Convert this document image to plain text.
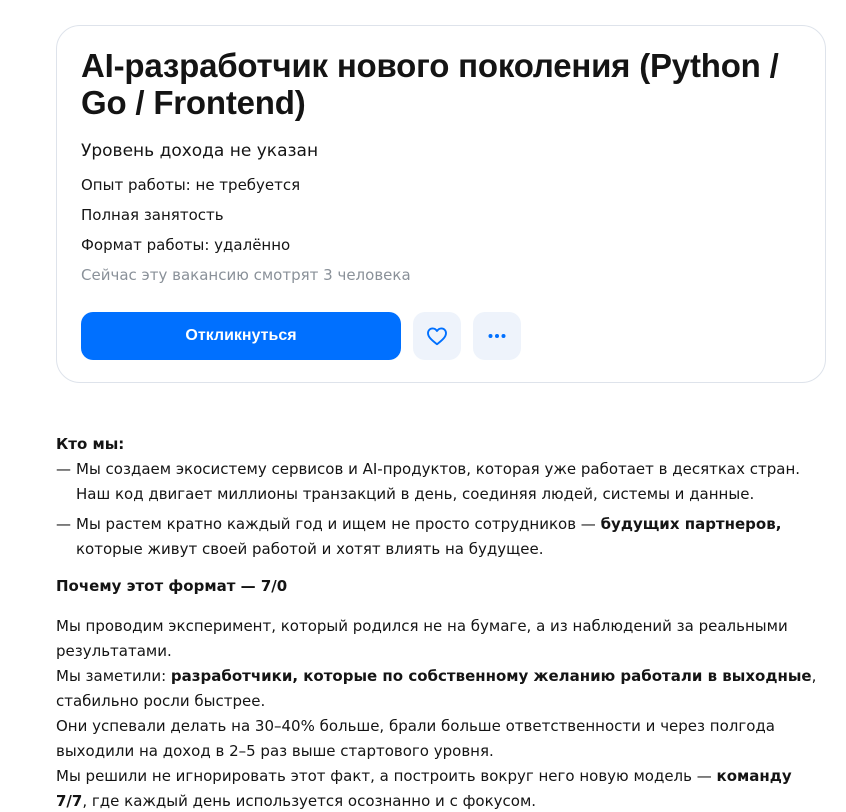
AI-разработчик нового поколения (Python / Go / Frontend)
Уровень дохода не указан
Опыт работы: не требуется
Полная занятость
Формат работы: удалённо
Сейчас эту вакансию смотрят 3 человека
Откликнуться
Кто мы:
— Мы создаем экосистему сервисов и AI-продуктов, которая уже работает в десятках стран. Наш код двигает миллионы транзакций в день, соединяя людей, системы и данные.
— Мы растем кратно каждый год и ищем не просто сотрудников — будущих партнеров, которые живут своей работой и хотят влиять на будущее.
Почему этот формат — 7/0

Мы проводим эксперимент, который родился не на бумаге, а из наблюдений за реальными результатами.

Мы заметили: разработчики, которые по собственному желанию работали в выходные, стабильно росли быстрее.

Они успевали делать на 30–40% больше, брали больше ответственности и через полгода выходили на доход в 2–5 раз выше стартового уровня.

Мы решили не игнорировать этот факт, а построить вокруг него новую модель — команду 7/7, где каждый день используется осознанно и с фокусом.
